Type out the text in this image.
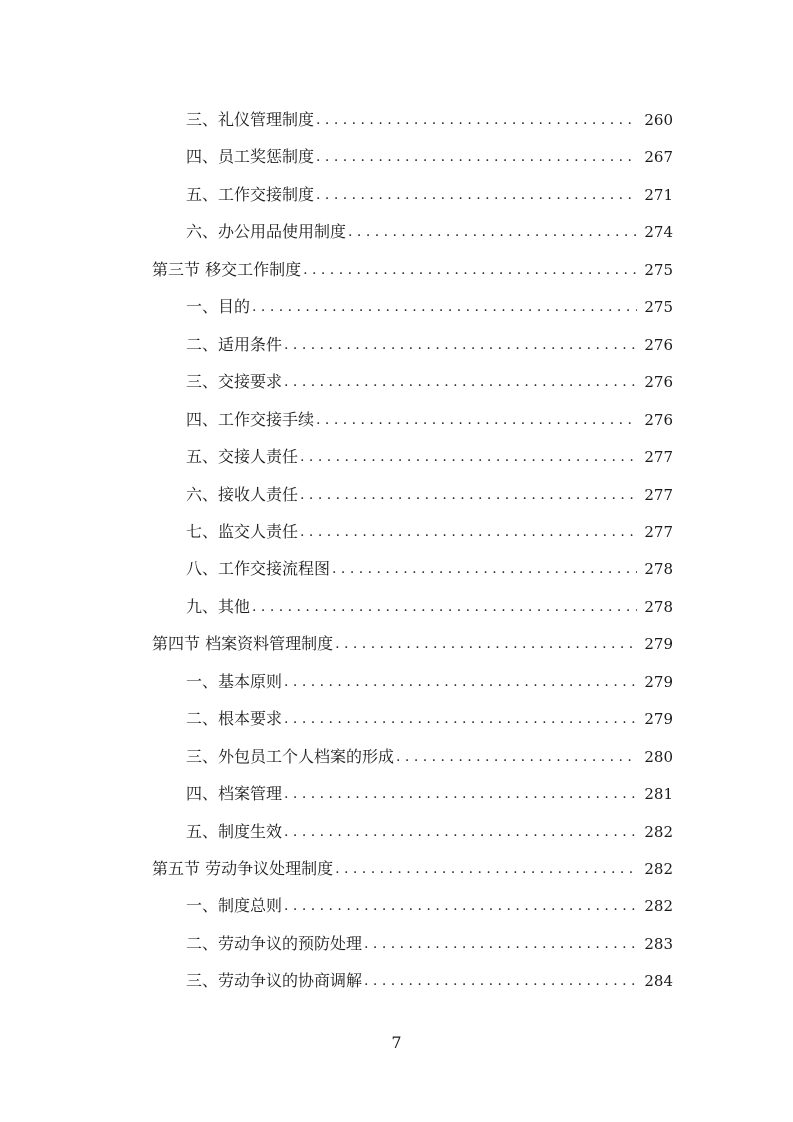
三、礼仪管理制度 . . .	260
四、员工奖惩制度 . . .	267
五、工作交接制度 . . .	271
六、办公用品使用制度 . . .	274
第三节 移交工作制度 . . .	275
一、目的 . . .	275
二、适用条件 . . .	276
三、交接要求 . . .	276
四、工作交接手续 . . .	276
五、交接人责任 . . .	277
六、接收人责任 . . .	277
七、监交人责任 . . .	277
八、工作交接流程图 . . .	278
九、其他 . . .	278
第四节 档案资料管理制度 . . .	279
一、基本原则 . . .	279
二、根本要求 . . .	279
三、外包员工个人档案的形成 . . .	280
四、档案管理 . . .	281
五、制度生效 . . .	282
第五节 劳动争议处理制度 . . .	282
一、制度总则 . . .	282
二、劳动争议的预防处理 . . .	283
三、劳动争议的协商调解 . . .	284
7
